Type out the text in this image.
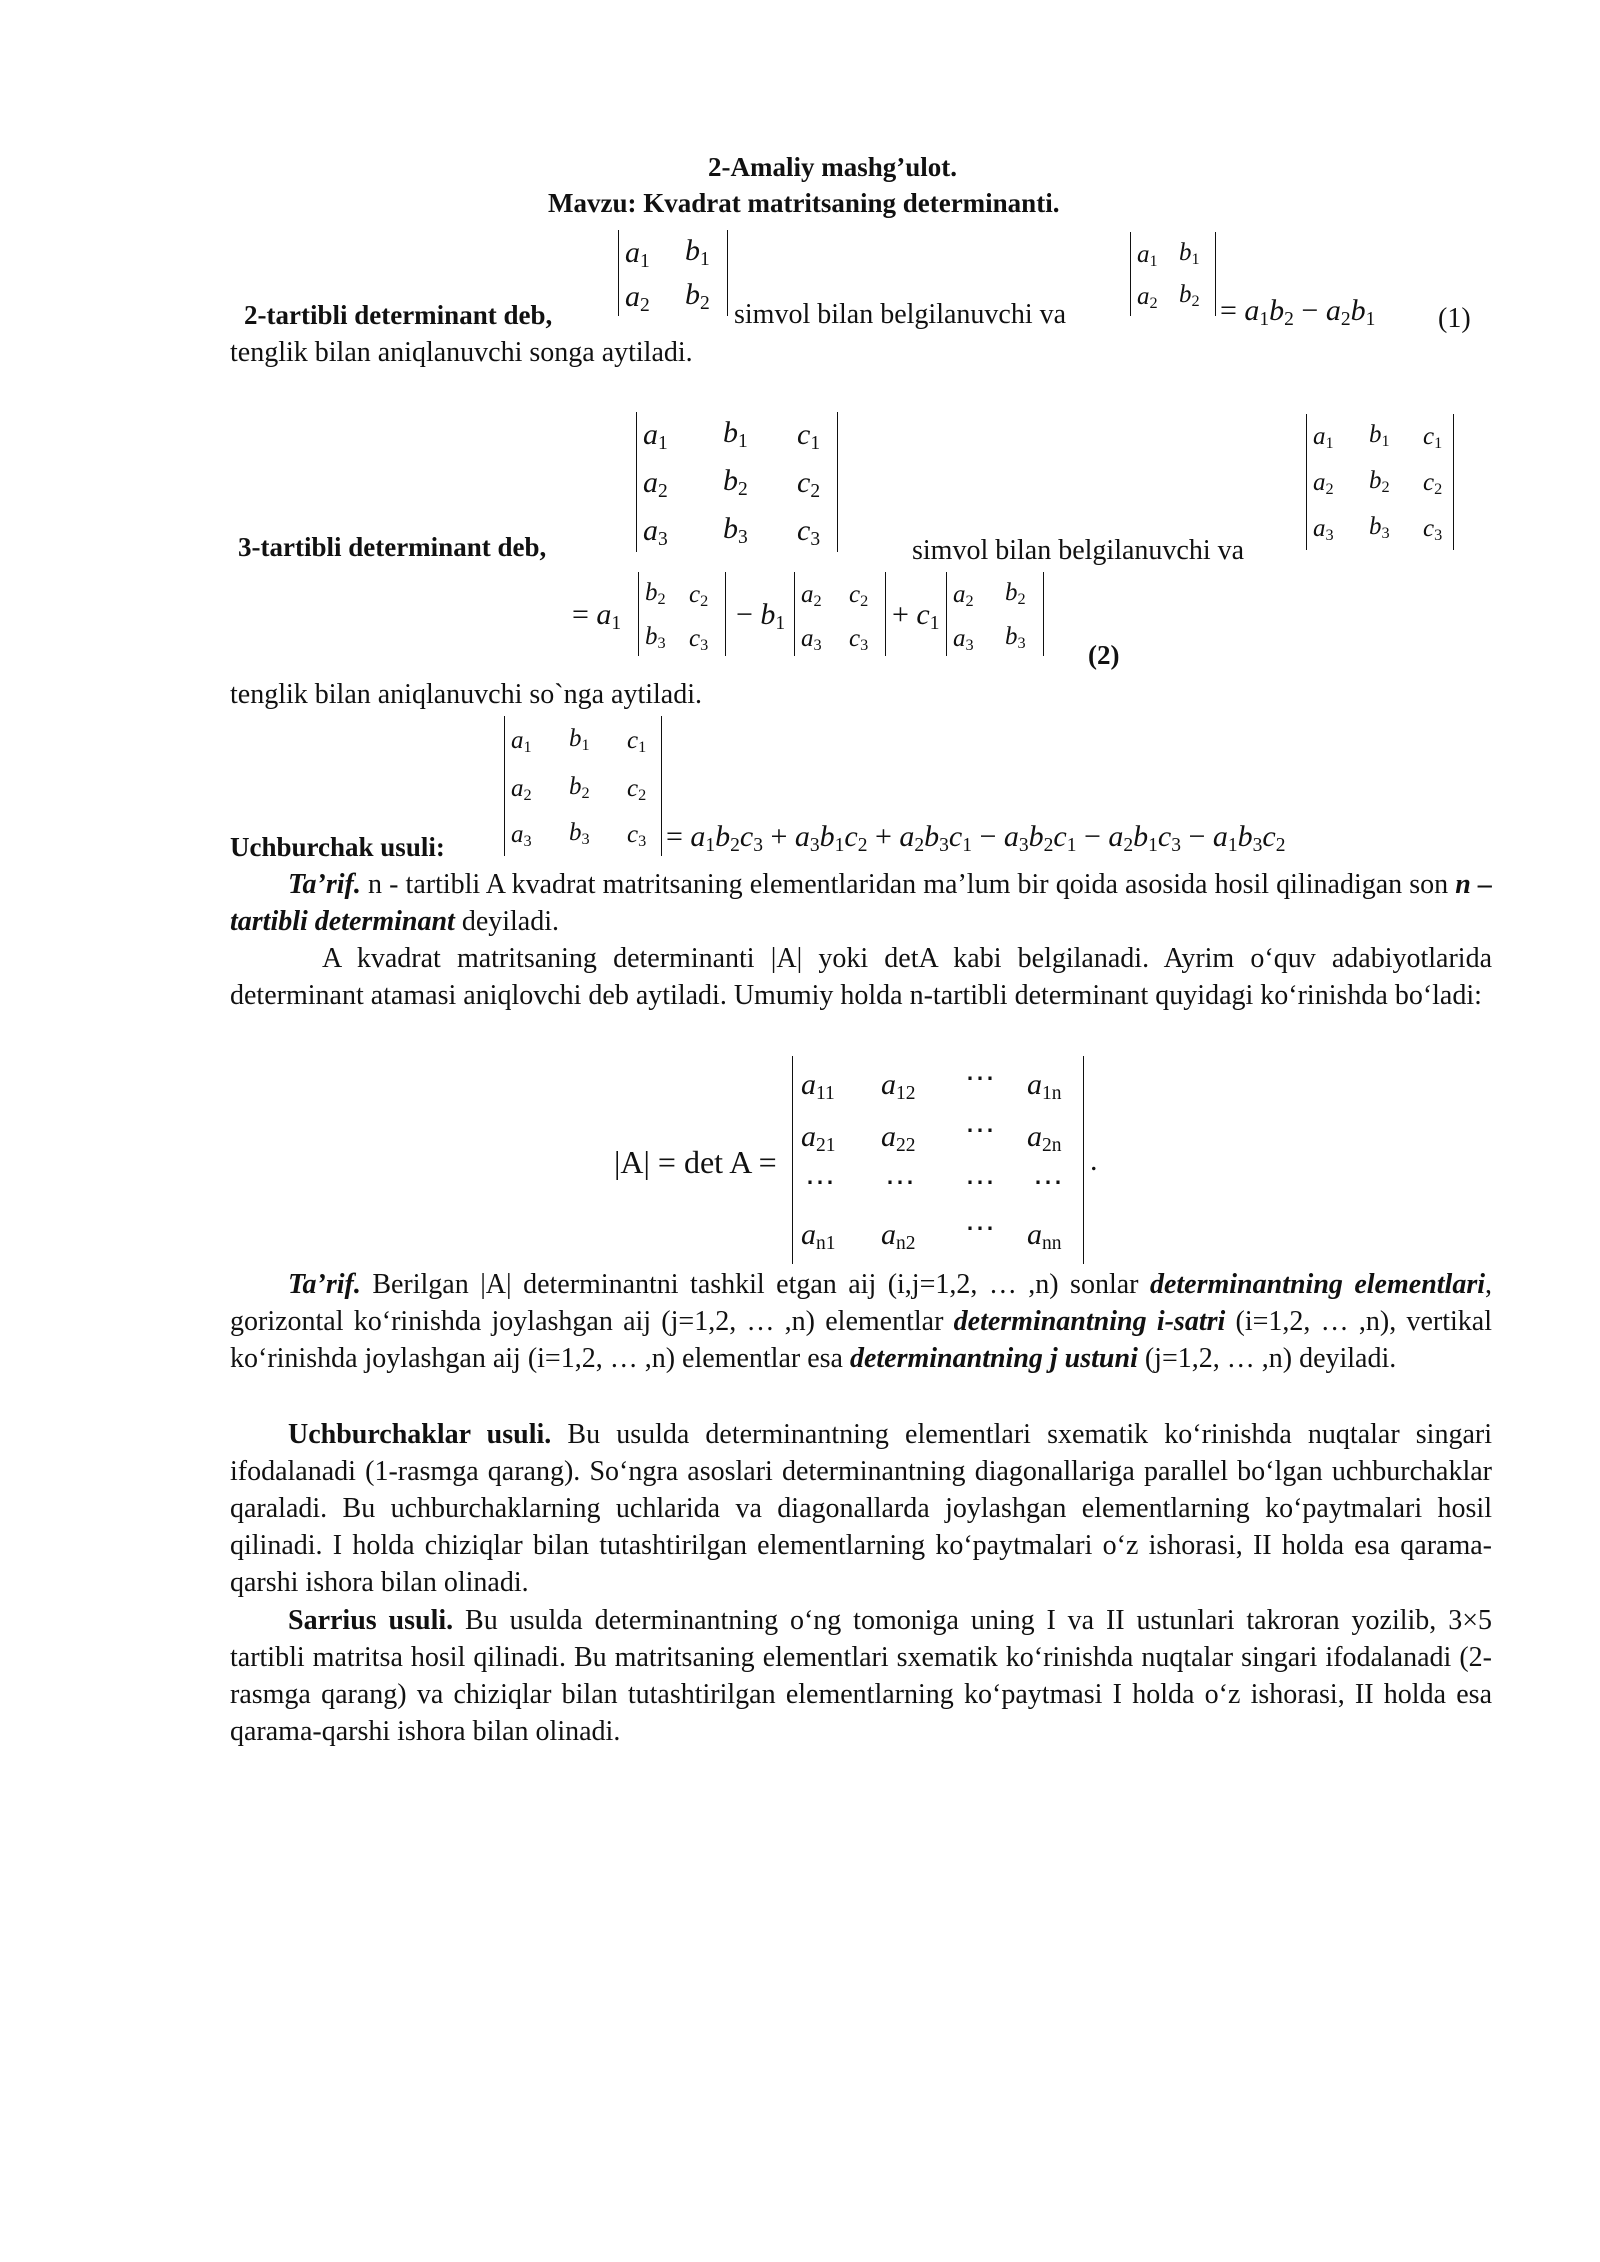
2-Amaliy mashg’ulot.
Mavzu: Kvadrat matritsaning determinanti.
$a_1$ $b_1$
$a_2$ $b_2$
2-tartibli determinant deb,	simvol bilan belgilanuvchi va
$a_1$ $b_1$
$a_2$ $b_2 = a_1b_2 - a_2b_1$ (1)
tenglik bilan aniqlanuvchi songa aytiladi.
$a_1$ $b_1$ $c_1$
$a_2$ $b_2$ $c_2$
$a_3$ $b_3$ $c_3$
3-tartibli determinant deb,	simvol bilan belgilanuvchi va
$a_1$ $b_1$ $c_1$
$a_2$ $b_2$ $c_2$
$a_3$ $b_3$ $c_3$
= $a_1$
$b_2$ $c_2$
$b_3$ $c_3$
− $b_1$
$a_2$ $c_2$
$a_3$ $c_3$
+ $c_1$
$a_2$ $b_2$
$a_3$ $b_3$ (2)
tenglik bilan aniqlanuvchi so`nga aytiladi.
$a_1$ $b_1$ $c_1$
$a_2$ $b_2$ $c_2$
$a_3$ $b_3$ $c_3 = a_1b_2c_3 + a_3b_1c_2 + a_2b_3c_1 - a_3b_2c_1 - a_2b_1c_3 - a_1b_3c_2$
Uchburchak usuli:
Ta’rif. n - tartibli A kvadrat matritsaning elementlaridan ma’lum bir qoida asosida hosil qilinadigan son n – tartibli determinant deyiladi.
A kvadrat matritsaning determinanti |A| yoki detA kabi belgilanadi. Ayrim o‘quv adabiyotlarida determinant atamasi aniqlovchi deb aytiladi. Umumiy holda n-tartibli determinant quyidagi ko‘rinishda bo‘ladi:
|A| = det A =
$a_{11}$ $a_{12}$ ⋯ $a_{1n}$
$a_{21}$ $a_{22}$ ⋯ $a_{2n}$
⋯ ⋯ ⋯ ⋯
$a_{n1}$ $a_{n2}$ ⋯ $a_{nn}$
.
Ta’rif. Berilgan |A| determinantni tashkil etgan aij (i,j=1,2, … ,n) sonlar determinantning elementlari, gorizontal ko‘rinishda joylashgan aij (j=1,2, … ,n) elementlar determinantning i-satri (i=1,2, … ,n), vertikal ko‘rinishda joylashgan aij (i=1,2, … ,n) elementlar esa determinantning j ustuni (j=1,2, … ,n) deyiladi.
Uchburchaklar usuli. Bu usulda determinantning elementlari sxematik ko‘rinishda nuqtalar singari ifodalanadi (1-rasmga qarang). So‘ngra asoslari determinantning diagonallariga parallel bo‘lgan uchburchaklar qaraladi. Bu uchburchaklarning uchlarida va diagonallarda joylashgan elementlarning ko‘paytmalari hosil qilinadi. I holda chiziqlar bilan tutashtirilgan elementlarning ko‘paytmalari o‘z ishorasi, II holda esa qarama-qarshi ishora bilan olinadi.
Sarrius usuli. Bu usulda determinantning o‘ng tomoniga uning I va II ustunlari takroran yozilib, 3×5 tartibli matritsa hosil qilinadi. Bu matritsaning elementlari sxematik ko‘rinishda nuqtalar singari ifodalanadi (2-rasmga qarang) va chiziqlar bilan tutashtirilgan elementlarning ko‘paytmasi I holda o‘z ishorasi, II holda esa qarama-qarshi ishora bilan olinadi.
